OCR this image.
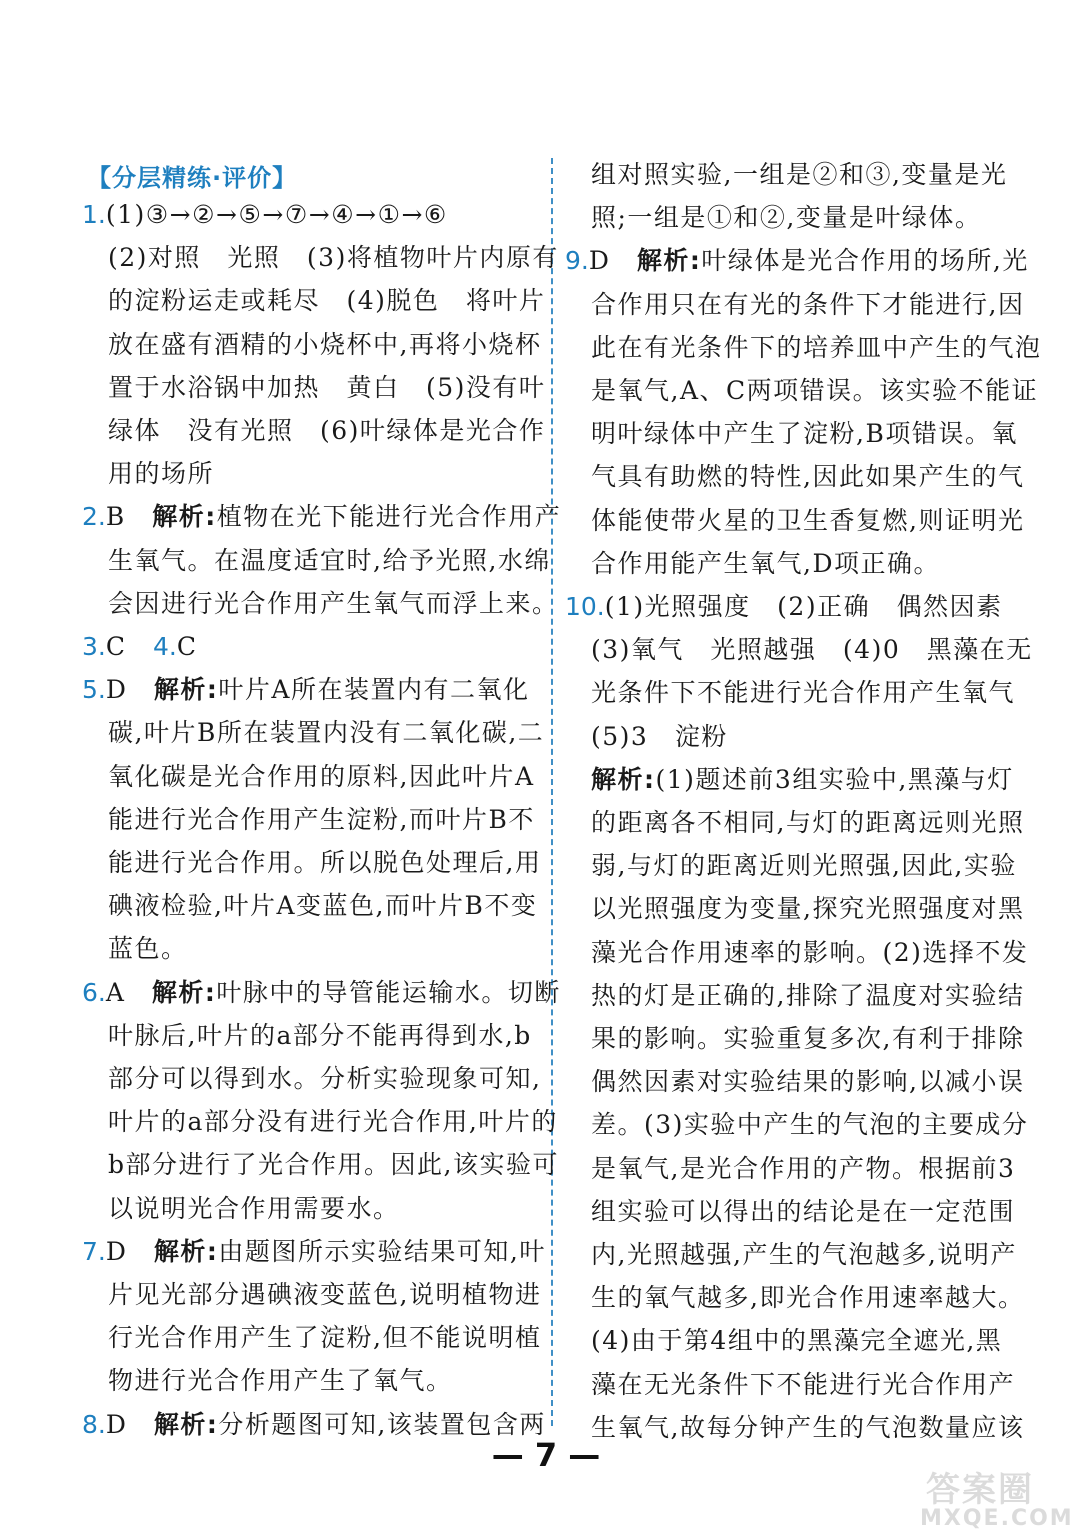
【分层精练·评价】
1.(1)③→②→⑤→⑦→④→①→⑥
(2)对照　光照　(3)将植物叶片内原有
的淀粉运走或耗尽　(4)脱色　将叶片
放在盛有酒精的小烧杯中,再将小烧杯
置于水浴锅中加热　黄白　(5)没有叶
绿体　没有光照　(6)叶绿体是光合作
用的场所
2.B　解析:植物在光下能进行光合作用产
生氧气。在温度适宜时,给予光照,水绵
会因进行光合作用产生氧气而浮上来。
3.C　4.C
5.D　解析:叶片A所在装置内有二氧化
碳,叶片B所在装置内没有二氧化碳,二
氧化碳是光合作用的原料,因此叶片A
能进行光合作用产生淀粉,而叶片B不
能进行光合作用。所以脱色处理后,用
碘液检验,叶片A变蓝色,而叶片B不变
蓝色。
6.A　解析:叶脉中的导管能运输水。切断
叶脉后,叶片的a部分不能再得到水,b
部分可以得到水。分析实验现象可知,
叶片的a部分没有进行光合作用,叶片的
b部分进行了光合作用。因此,该实验可
以说明光合作用需要水。
7.D　解析:由题图所示实验结果可知,叶
片见光部分遇碘液变蓝色,说明植物进
行光合作用产生了淀粉,但不能说明植
物进行光合作用产生了氧气。
8.D　解析:分析题图可知,该装置包含两
组对照实验,一组是②和③,变量是光
照;一组是①和②,变量是叶绿体。
9.D　解析:叶绿体是光合作用的场所,光
合作用只在有光的条件下才能进行,因
此在有光条件下的培养皿中产生的气泡
是氧气,A、C两项错误。该实验不能证
明叶绿体中产生了淀粉,B项错误。氧
气具有助燃的特性,因此如果产生的气
体能使带火星的卫生香复燃,则证明光
合作用能产生氧气,D项正确。
10.(1)光照强度　(2)正确　偶然因素
(3)氧气　光照越强　(4)0　黑藻在无
光条件下不能进行光合作用产生氧气
(5)3　淀粉
解析:(1)题述前3组实验中,黑藻与灯
的距离各不相同,与灯的距离远则光照
弱,与灯的距离近则光照强,因此,实验
以光照强度为变量,探究光照强度对黑
藻光合作用速率的影响。(2)选择不发
热的灯是正确的,排除了温度对实验结
果的影响。实验重复多次,有利于排除
偶然因素对实验结果的影响,以减小误
差。(3)实验中产生的气泡的主要成分
是氧气,是光合作用的产物。根据前3
组实验可以得出的结论是在一定范围
内,光照越强,产生的气泡越多,说明产
生的氧气越多,即光合作用速率越大。
(4)由于第4组中的黑藻完全遮光,黑
藻在无光条件下不能进行光合作用产
生氧气,故每分钟产生的气泡数量应该
— 7 —
答案圈
MXQE.COM
